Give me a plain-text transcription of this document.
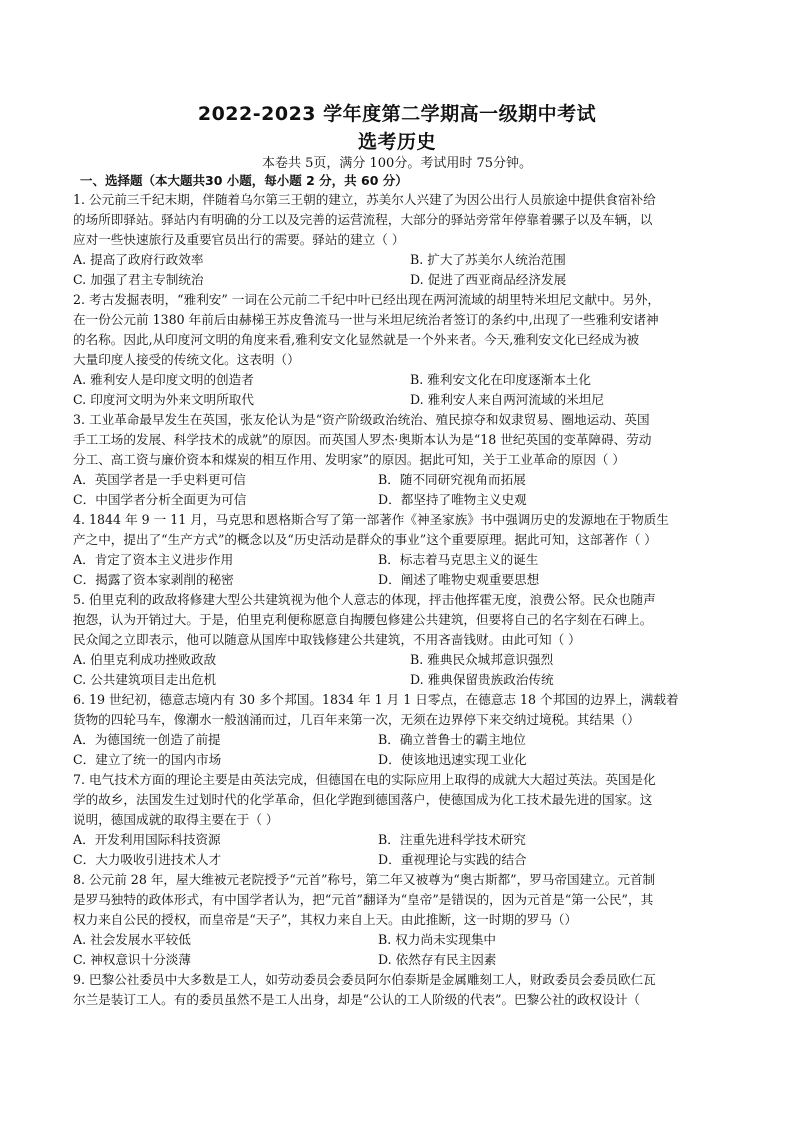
2022-2023 学年度第二学期高一级期中考试
选考历史
本卷共 5页，满分 100分。考试用时 75分钟。
一、选择题（本大题共30 小题，每小题 2 分，共 60 分）
1. 公元前三千纪末期，伴随着乌尔第三王朝的建立，苏美尔人兴建了为因公出行人员旅途中提供食宿补给
的场所即驿站。驿站内有明确的分工以及完善的运营流程，大部分的驿站旁常年停靠着骡子以及车辆，以
应对一些快速旅行及重要官员出行的需要。驿站的建立（ ）
A. 提高了政府行政效率	B. 扩大了苏美尔人统治范围
C. 加强了君主专制统治	D. 促进了西亚商品经济发展
2. 考古发掘表明，“雅利安” 一词在公元前二千纪中叶已经出现在两河流域的胡里特米坦尼文献中。另外，
在一份公元前 1380 年前后由赫梯王苏皮鲁流马一世与米坦尼统治者签订的条约中,出现了一些雅利安诸神
的名称。因此,从印度河文明的角度来看,雅利安文化显然就是一个外来者。今天,雅利安文化已经成为被
大量印度人接受的传统文化。这表明（）
A. 雅利安人是印度文明的创造者	B. 雅利安文化在印度逐渐本土化
C. 印度河文明为外来文明所取代	D. 雅利安人来自两河流域的米坦尼
3. 工业革命最早发生在英国，张友伦认为是“资产阶级政治统治、殖民掠夺和奴隶贸易、圈地运动、英国
手工工场的发展、科学技术的成就”的原因。而英国人罗杰·奥斯本认为是“18 世纪英国的变革障碍、劳动
分工、高工资与廉价资本和煤炭的相互作用、发明家”的原因。据此可知，关于工业革命的原因（ ）
A．英国学者是一手史料更可信	B．随不同研究视角而拓展
C．中国学者分析全面更为可信	D．都坚持了唯物主义史观
4. 1844 年 9 一 11 月，马克思和恩格斯合写了第一部著作《神圣家族》书中强调历史的发源地在于物质生
产之中，提出了“生产方式”的概念以及“历史活动是群众的事业”这个重要原理。据此可知，这部著作（ ）
A．肯定了资本主义进步作用	B．标志着马克思主义的诞生
C．揭露了资本家剥削的秘密	D．阐述了唯物史观重要思想
5. 伯里克利的政敌将修建大型公共建筑视为他个人意志的体现，抨击他挥霍无度，浪费公帑。民众也随声
抱怨，认为开销过大。于是，伯里克利便称愿意自掏腰包修建公共建筑，但要将自己的名字刻在石碑上。
民众闻之立即表示，他可以随意从国库中取钱修建公共建筑，不用吝啬钱财。由此可知（ ）
A. 伯里克利成功挫败政敌	B. 雅典民众城邦意识强烈
C. 公共建筑项目走出危机	D. 雅典保留贵族政治传统
6. 19 世纪初，德意志境内有 30 多个邦国。1834 年 1 月 1 日零点，在德意志 18 个邦国的边界上，满载着
货物的四轮马车，像潮水一般汹涌而过，几百年来第一次，无须在边界停下来交纳过境税。其结果（）
A．为德国统一创造了前提	B．确立普鲁士的霸主地位
C．建立了统一的国内市场	D．使该地迅速实现工业化
7. 电气技术方面的理论主要是由英法完成，但德国在电的实际应用上取得的成就大大超过英法。英国是化
学的故乡，法国发生过划时代的化学革命，但化学跑到德国落户，使德国成为化工技术最先进的国家。这
说明，德国成就的取得主要在于（ ）
A．开发利用国际科技资源	B．注重先进科学技术研究
C．大力吸收引进技术人才	D．重视理论与实践的结合
8. 公元前 28 年，屋大维被元老院授予“元首”称号，第二年又被尊为“奥古斯都”，罗马帝国建立。元首制
是罗马独特的政体形式，有中国学者认为，把“元首”翻译为“皇帝”是错误的，因为元首是“第一公民”，其
权力来自公民的授权，而皇帝是“天子”，其权力来自上天。由此推断，这一时期的罗马（）
A. 社会发展水平较低	B. 权力尚未实现集中
C. 神权意识十分淡薄	D. 依然存有民主因素
9. 巴黎公社委员中大多数是工人，如劳动委员会委员阿尔伯泰斯是金属雕刻工人，财政委员会委员欧仁瓦
尔兰是装订工人。有的委员虽然不是工人出身，却是“公认的工人阶级的代表”。巴黎公社的政权设计（
